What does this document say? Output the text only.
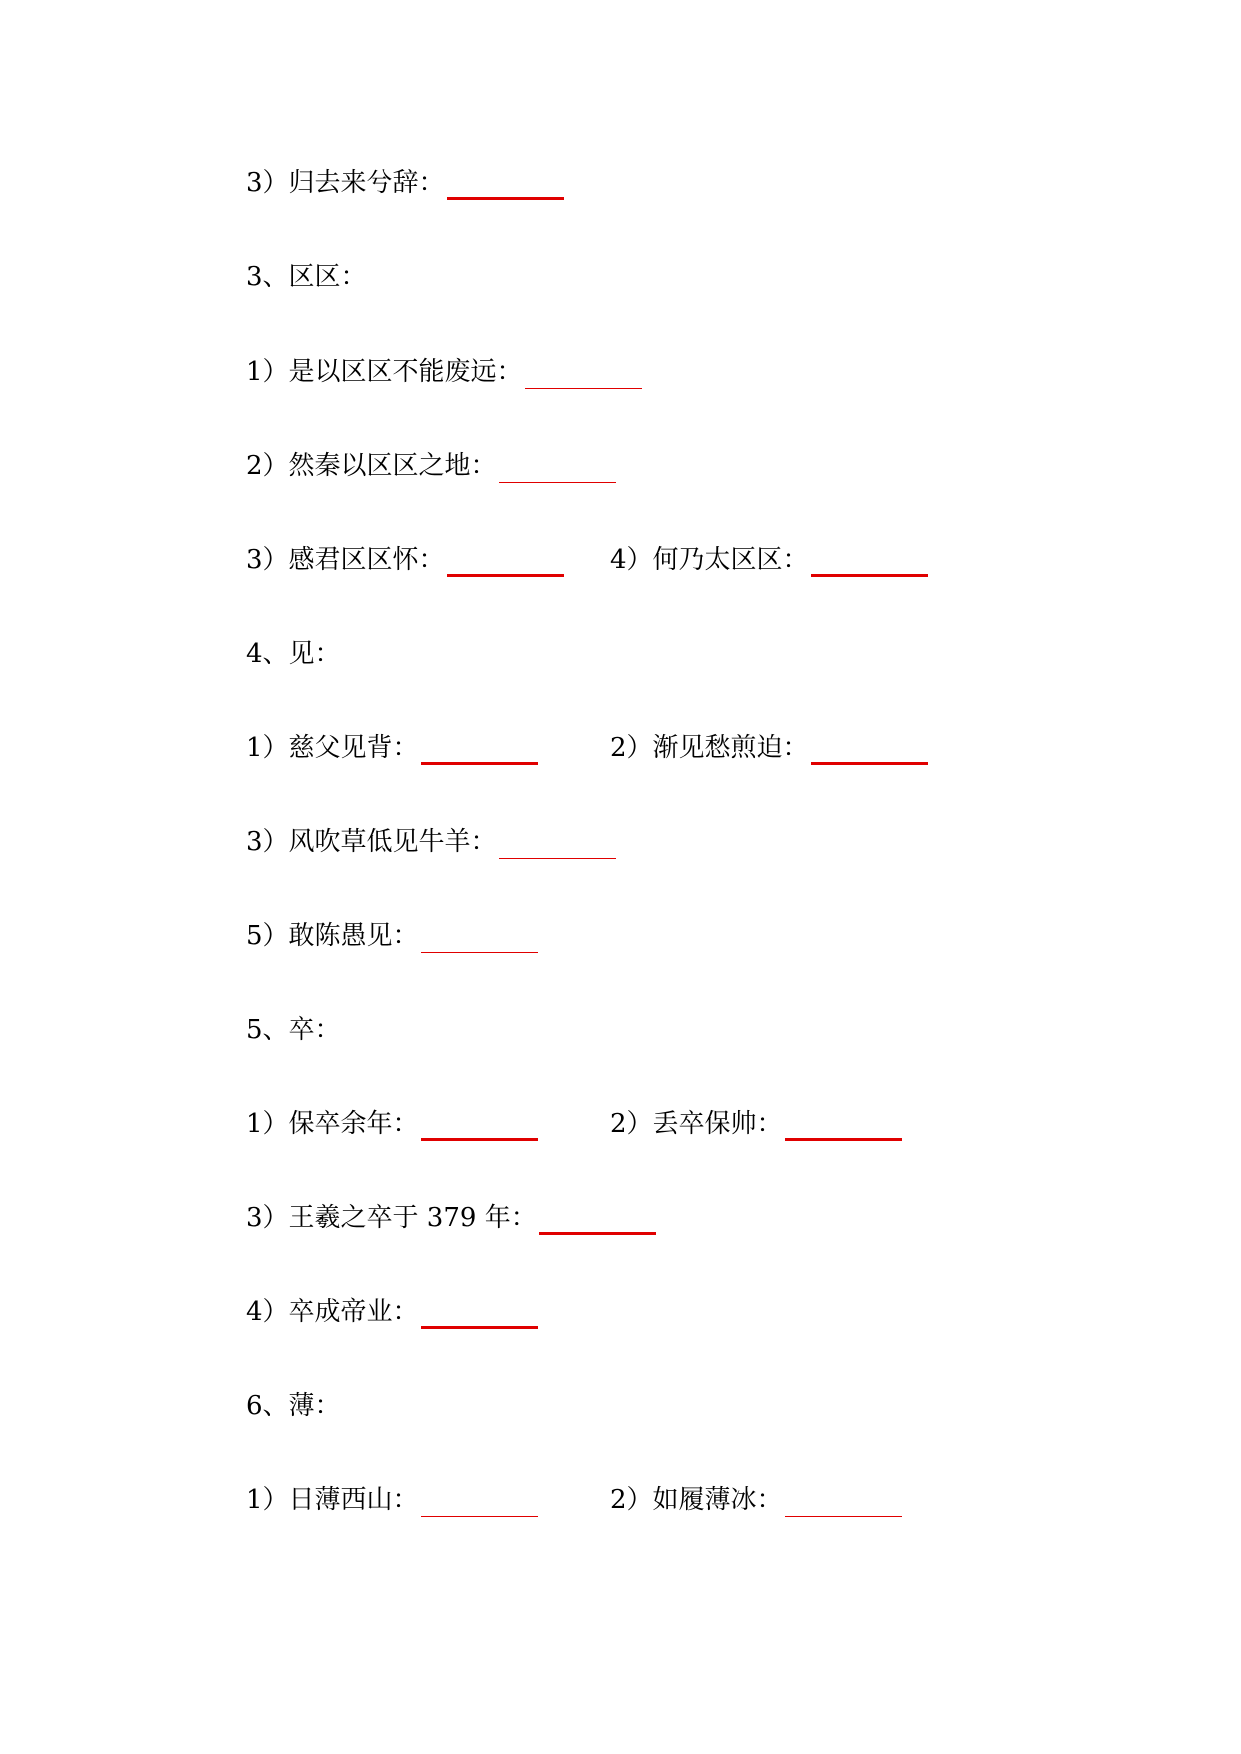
3）归去来兮辞：
3、区区：
1）是以区区不能废远：
2）然秦以区区之地：
3）感君区区怀：	4）何乃太区区：
4、见：
1）慈父见背：	2）渐见愁煎迫：
3）风吹草低见牛羊：
5）敢陈愚见：
5、卒：
1）保卒余年：	2）丢卒保帅：
3）王羲之卒于 379 年：
4）卒成帝业：
6、薄：
1）日薄西山：	2）如履薄冰：
